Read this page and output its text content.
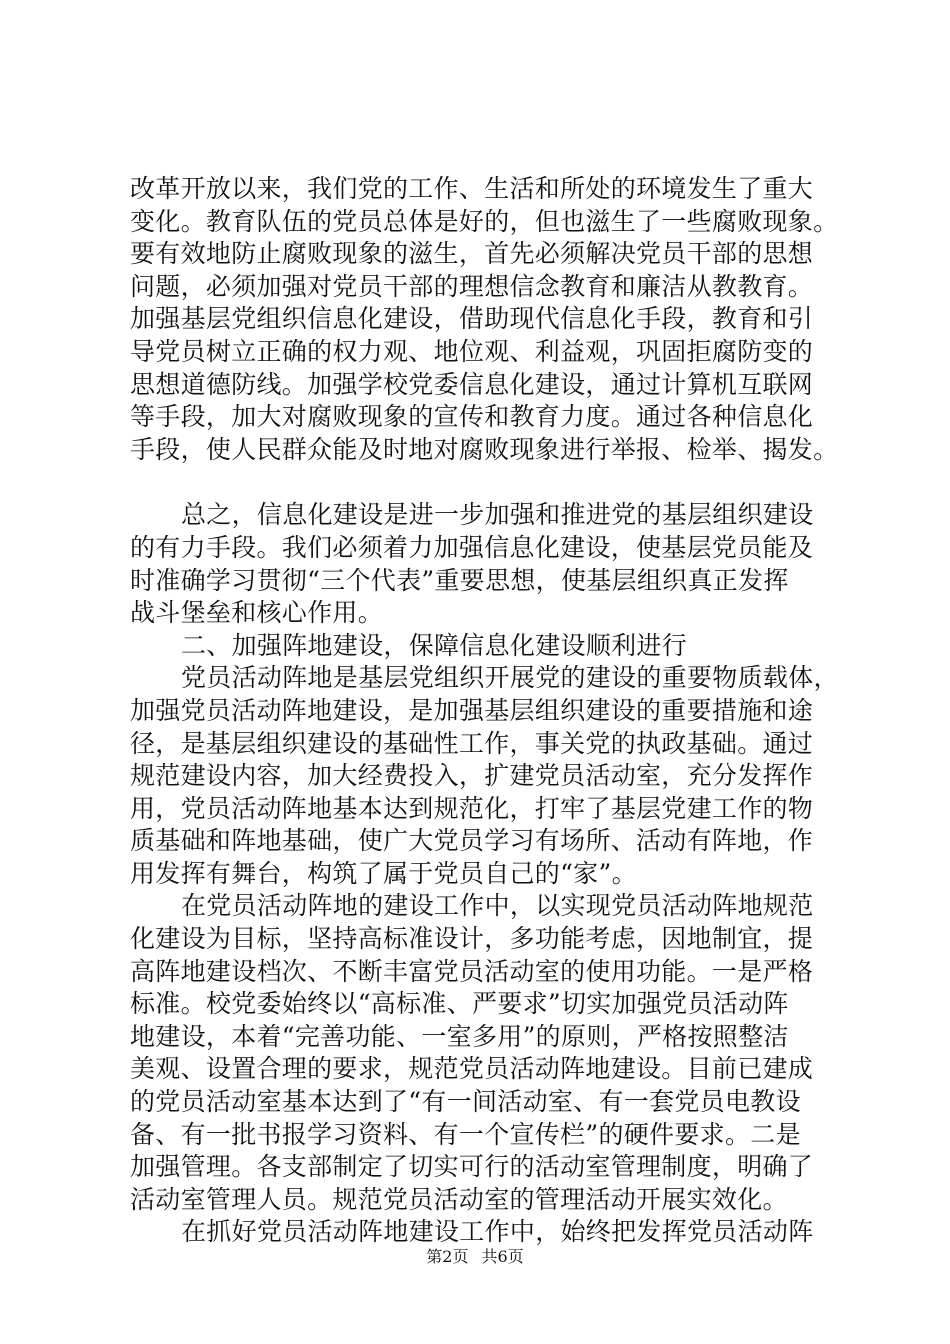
改革开放以来，我们党的工作、生活和所处的环境发生了重大
变化。教育队伍的党员总体是好的，但也滋生了一些腐败现象。
要有效地防止腐败现象的滋生，首先必须解决党员干部的思想
问题，必须加强对党员干部的理想信念教育和廉洁从教教育。
加强基层党组织信息化建设，借助现代信息化手段，教育和引
导党员树立正确的权力观、地位观、利益观，巩固拒腐防变的
思想道德防线。加强学校党委信息化建设，通过计算机互联网
等手段，加大对腐败现象的宣传和教育力度。通过各种信息化
手段，使人民群众能及时地对腐败现象进行举报、检举、揭发。
总之，信息化建设是进一步加强和推进党的基层组织建设
的有力手段。我们必须着力加强信息化建设，使基层党员能及
时准确学习贯彻“三个代表”重要思想，使基层组织真正发挥
战斗堡垒和核心作用。
二、加强阵地建设，保障信息化建设顺利进行
党员活动阵地是基层党组织开展党的建设的重要物质载体，
加强党员活动阵地建设，是加强基层组织建设的重要措施和途
径，是基层组织建设的基础性工作，事关党的执政基础。通过
规范建设内容，加大经费投入，扩建党员活动室，充分发挥作
用，党员活动阵地基本达到规范化，打牢了基层党建工作的物
质基础和阵地基础，使广大党员学习有场所、活动有阵地，作
用发挥有舞台，构筑了属于党员自己的“家”。
在党员活动阵地的建设工作中，以实现党员活动阵地规范
化建设为目标，坚持高标准设计，多功能考虑，因地制宜，提
高阵地建设档次、不断丰富党员活动室的使用功能。一是严格
标准。校党委始终以“高标准、严要求”切实加强党员活动阵
地建设，本着“完善功能、一室多用”的原则，严格按照整洁
美观、设置合理的要求，规范党员活动阵地建设。目前已建成
的党员活动室基本达到了“有一间活动室、有一套党员电教设
备、有一批书报学习资料、有一个宣传栏”的硬件要求。二是
加强管理。各支部制定了切实可行的活动室管理制度，明确了
活动室管理人员。规范党员活动室的管理活动开展实效化。
在抓好党员活动阵地建设工作中，始终把发挥党员活动阵
第2页 共6页
